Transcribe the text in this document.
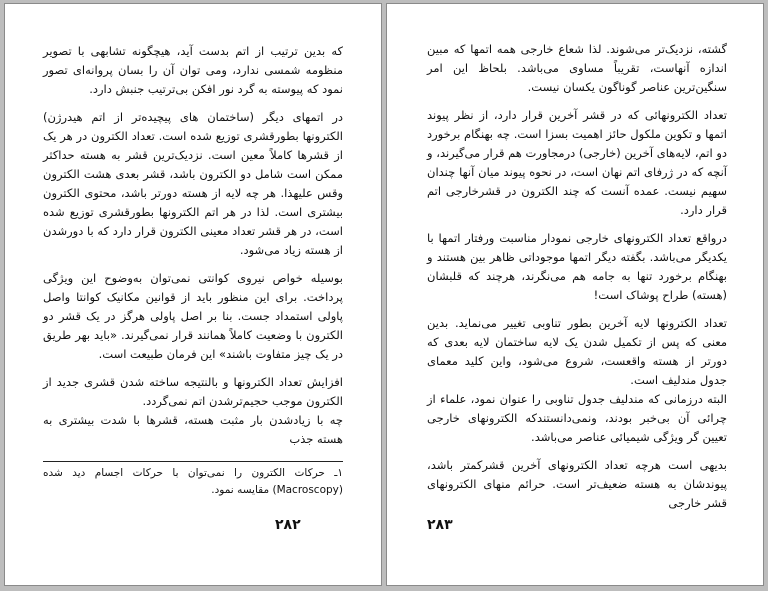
که بدین ترتیب از اتم بدست آید، هیچگونه تشابهی با تصویر منظومه شمسی ندارد، ومی توان آن را بسان پروانه‌ای تصور نمود که پیوسته به گرد نور افکن بی‌ترتیب جنبش دارد.

در اتمهای دیگر (ساختمان های پیچیده‌تر از اتم هیدرژن) الکترونها بطورقشری توزیع شده است. تعداد الکترون در هر یک از قشرها کاملاً معین است. نزدیک‌ترین قشر به هسته حداکثر ممکن است شامل دو الکترون باشد، قشر بعدی هشت الکترون وقس علیهذا. هر چه لایه از هسته دورتر باشد، محتوی الکترون بیشتری است. لذا در هر اتم الکترونها بطورقشری توزیع شده است، در هر قشر تعداد معینی الکترون قرار دارد که با دورشدن از هسته زیاد می‌شود.

بوسیله خواص نیروی کوانتی نمی‌توان به‌وضوح این ویژگی پرداخت. برای این منظور باید از قوانین مکانیک کوانتا واصل پاولی استمداد جست. بنا بر اصل پاولی هرگز در یک قشر دو الکترون با وضعیت کاملاً همانند قرار نمی‌گیرند. «باید بهر طریق در یک چیز متفاوت باشند» این فرمان طبیعت است.

افزایش تعداد الکترونها و بالنتیجه ساخته شدن قشری جدید از الکترون موجب حجیم‌ترشدن اتم نمی‌گردد.

چه با زیادشدن بار مثبت هسته، قشرها با شدت بیشتری به هسته جذب

۱ـ حرکات الکترون را نمی‌توان با حرکات اجسام دید شده (Macroscopy) مقایسه نمود.
۲۸۲

گشته، نزدیک‌تر می‌شوند. لذا شعاع خارجی همه اتمها که مبین اندازه آنهاست، تقریباً مساوی می‌باشد. بلحاظ این امر سنگین‌ترین عناصر گوناگون یکسان نیست.

تعداد الکترونهائی که در قشر آخرین قرار دارد، از نظر پیوند اتمها و تکوین ملکول حائز اهمیت بسزا است. چه بهنگام برخورد دو اتم، لایه‌های آخرین (خارجی) درمجاورت هم قرار می‌گیرند، و آنچه که در ژرفای اتم نهان است، در نحوه پیوند میان آنها چندان سهیم نیست. عمده آنست که چند الکترون در قشرخارجی اتم قرار دارد.

درواقع تعداد الکترونهای خارجی نمودار مناسبت ورفتار اتمها با یکدیگر می‌باشد. بگفته دیگر اتمها موجوداتی ظاهر بین هستند و بهنگام برخورد تنها به جامه هم می‌نگرند، هرچند که قلبشان (هسته) طراح پوشاک است!

تعداد الکترونها لایه آخرین بطور تناوبی تغییر می‌نماید. بدین معنی که پس از تکمیل شدن یک لایه ساختمان لایه بعدی که دورتر از هسته واقعست، شروع می‌شود، واین کلید معمای جدول مندلیف است.

البته درزمانی که مندلیف جدول تناوبی را عنوان نمود، علماء از چرائی آن بی‌خبر بودند، ونمی‌دانستندکه الکترونهای خارجی تعیین گر ویژگی شیمیائی عناصر می‌باشد.

بدیهی است هرچه تعداد الکترونهای آخرین قشرکمتر باشد، پیوندشان به هسته ضعیف‌تر است. حرائم منهای الکترونهای قشر خارجی

۲۸۳
